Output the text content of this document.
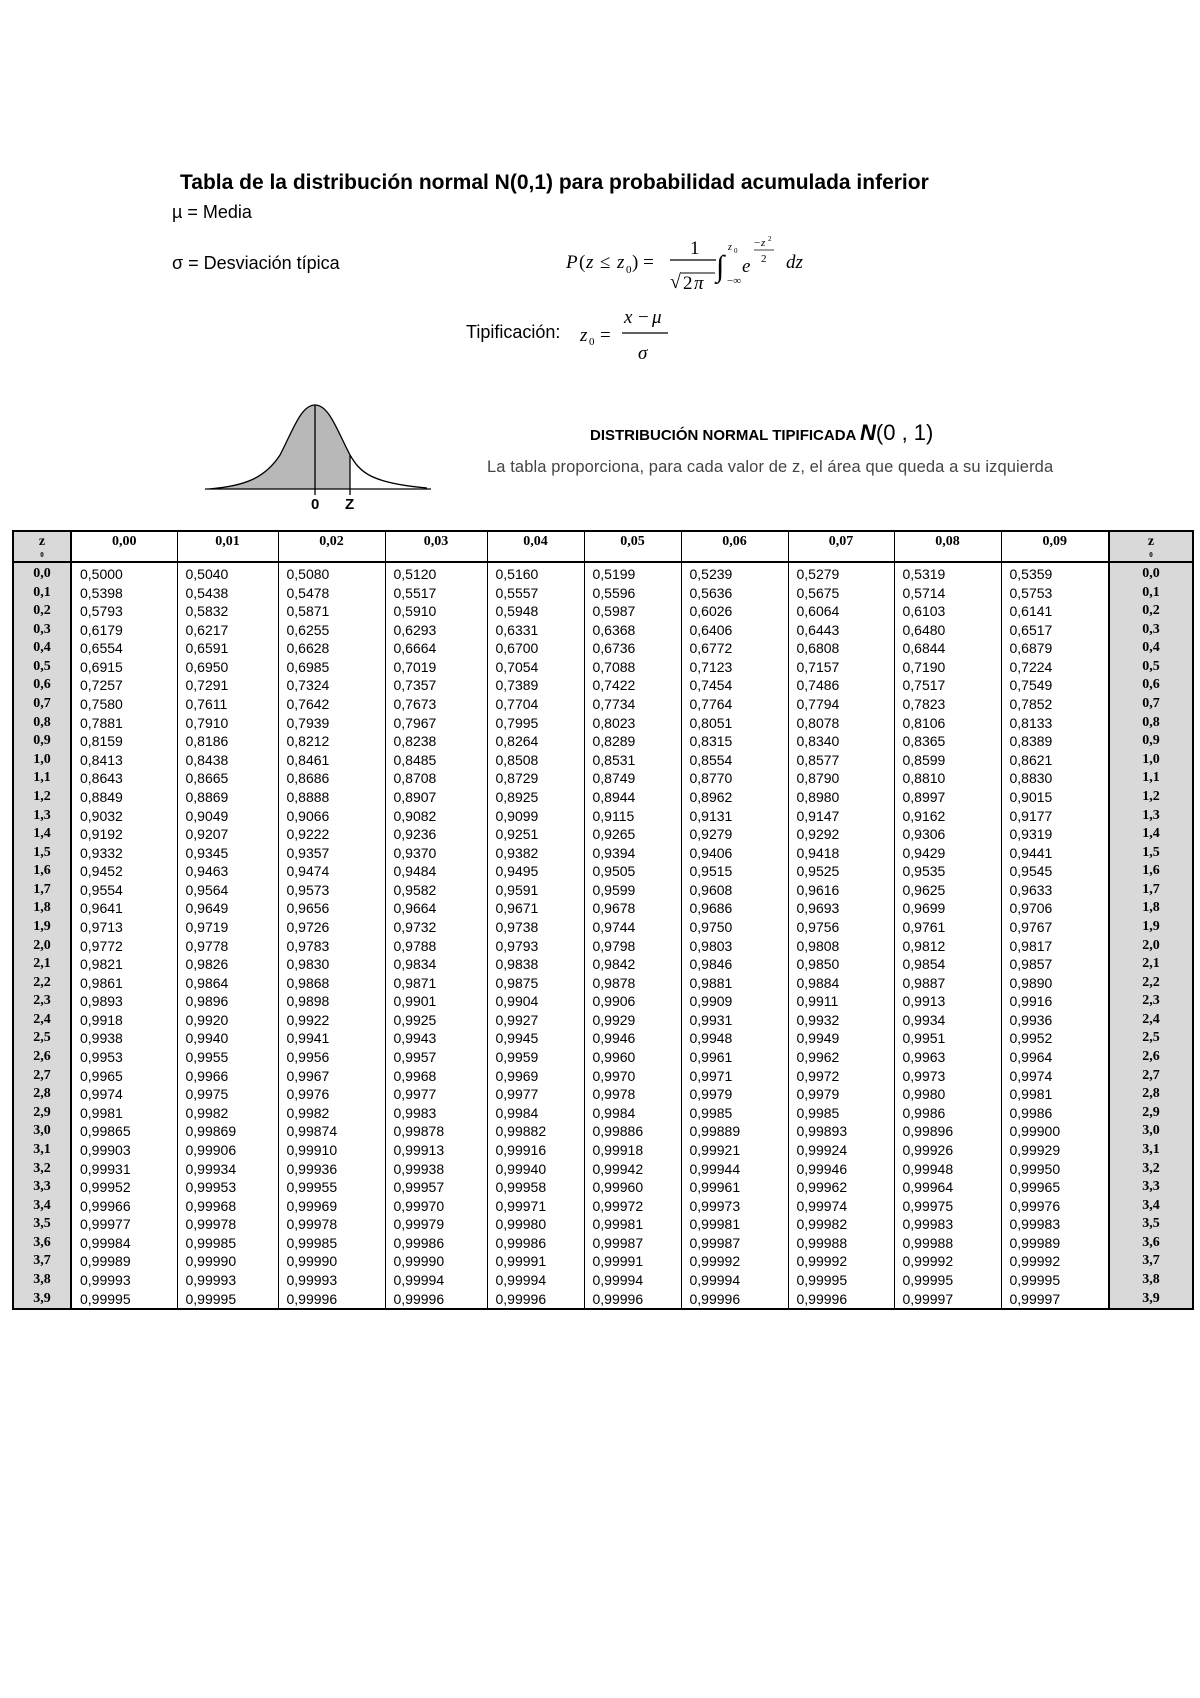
Tabla de la distribución normal N(0,1) para probabilidad acumulada inferior
µ = Media
σ = Desviación típica	P ( z ≤ z 0 ) =
1
√ 2 π
∫
z 0
−∞
e
− z 2
2 dz
Tipificación: z 0 =
x − μ
σ
0 Z
DISTRIBUCIÓN NORMAL TIPIFICADA N(0 , 1)
La tabla proporciona, para cada valor de z, el área que queda a su izquierda
z
0	0,00	0,01	0,02	0,03	0,04	0,05	0,06	0,07	0,08	0,09	z
0

0,0	0,5000	0,5040	0,5080	0,5120	0,5160	0,5199	0,5239	0,5279	0,5319	0,5359	0,0
0,1	0,5398	0,5438	0,5478	0,5517	0,5557	0,5596	0,5636	0,5675	0,5714	0,5753	0,1
0,2	0,5793	0,5832	0,5871	0,5910	0,5948	0,5987	0,6026	0,6064	0,6103	0,6141	0,2
0,3	0,6179	0,6217	0,6255	0,6293	0,6331	0,6368	0,6406	0,6443	0,6480	0,6517	0,3
0,4	0,6554	0,6591	0,6628	0,6664	0,6700	0,6736	0,6772	0,6808	0,6844	0,6879	0,4
0,5	0,6915	0,6950	0,6985	0,7019	0,7054	0,7088	0,7123	0,7157	0,7190	0,7224	0,5
0,6	0,7257	0,7291	0,7324	0,7357	0,7389	0,7422	0,7454	0,7486	0,7517	0,7549	0,6
0,7	0,7580	0,7611	0,7642	0,7673	0,7704	0,7734	0,7764	0,7794	0,7823	0,7852	0,7
0,8	0,7881	0,7910	0,7939	0,7967	0,7995	0,8023	0,8051	0,8078	0,8106	0,8133	0,8
0,9	0,8159	0,8186	0,8212	0,8238	0,8264	0,8289	0,8315	0,8340	0,8365	0,8389	0,9
1,0	0,8413	0,8438	0,8461	0,8485	0,8508	0,8531	0,8554	0,8577	0,8599	0,8621	1,0
1,1	0,8643	0,8665	0,8686	0,8708	0,8729	0,8749	0,8770	0,8790	0,8810	0,8830	1,1
1,2	0,8849	0,8869	0,8888	0,8907	0,8925	0,8944	0,8962	0,8980	0,8997	0,9015	1,2
1,3	0,9032	0,9049	0,9066	0,9082	0,9099	0,9115	0,9131	0,9147	0,9162	0,9177	1,3
1,4	0,9192	0,9207	0,9222	0,9236	0,9251	0,9265	0,9279	0,9292	0,9306	0,9319	1,4
1,5	0,9332	0,9345	0,9357	0,9370	0,9382	0,9394	0,9406	0,9418	0,9429	0,9441	1,5
1,6	0,9452	0,9463	0,9474	0,9484	0,9495	0,9505	0,9515	0,9525	0,9535	0,9545	1,6
1,7	0,9554	0,9564	0,9573	0,9582	0,9591	0,9599	0,9608	0,9616	0,9625	0,9633	1,7
1,8	0,9641	0,9649	0,9656	0,9664	0,9671	0,9678	0,9686	0,9693	0,9699	0,9706	1,8
1,9	0,9713	0,9719	0,9726	0,9732	0,9738	0,9744	0,9750	0,9756	0,9761	0,9767	1,9
2,0	0,9772	0,9778	0,9783	0,9788	0,9793	0,9798	0,9803	0,9808	0,9812	0,9817	2,0
2,1	0,9821	0,9826	0,9830	0,9834	0,9838	0,9842	0,9846	0,9850	0,9854	0,9857	2,1
2,2	0,9861	0,9864	0,9868	0,9871	0,9875	0,9878	0,9881	0,9884	0,9887	0,9890	2,2
2,3	0,9893	0,9896	0,9898	0,9901	0,9904	0,9906	0,9909	0,9911	0,9913	0,9916	2,3
2,4	0,9918	0,9920	0,9922	0,9925	0,9927	0,9929	0,9931	0,9932	0,9934	0,9936	2,4
2,5	0,9938	0,9940	0,9941	0,9943	0,9945	0,9946	0,9948	0,9949	0,9951	0,9952	2,5
2,6	0,9953	0,9955	0,9956	0,9957	0,9959	0,9960	0,9961	0,9962	0,9963	0,9964	2,6
2,7	0,9965	0,9966	0,9967	0,9968	0,9969	0,9970	0,9971	0,9972	0,9973	0,9974	2,7
2,8	0,9974	0,9975	0,9976	0,9977	0,9977	0,9978	0,9979	0,9979	0,9980	0,9981	2,8
2,9	0,9981	0,9982	0,9982	0,9983	0,9984	0,9984	0,9985	0,9985	0,9986	0,9986	2,9
3,0	0,99865	0,99869	0,99874	0,99878	0,99882	0,99886	0,99889	0,99893	0,99896	0,99900	3,0
3,1	0,99903	0,99906	0,99910	0,99913	0,99916	0,99918	0,99921	0,99924	0,99926	0,99929	3,1
3,2	0,99931	0,99934	0,99936	0,99938	0,99940	0,99942	0,99944	0,99946	0,99948	0,99950	3,2
3,3	0,99952	0,99953	0,99955	0,99957	0,99958	0,99960	0,99961	0,99962	0,99964	0,99965	3,3
3,4	0,99966	0,99968	0,99969	0,99970	0,99971	0,99972	0,99973	0,99974	0,99975	0,99976	3,4
3,5	0,99977	0,99978	0,99978	0,99979	0,99980	0,99981	0,99981	0,99982	0,99983	0,99983	3,5
3,6	0,99984	0,99985	0,99985	0,99986	0,99986	0,99987	0,99987	0,99988	0,99988	0,99989	3,6
3,7	0,99989	0,99990	0,99990	0,99990	0,99991	0,99991	0,99992	0,99992	0,99992	0,99992	3,7
3,8	0,99993	0,99993	0,99993	0,99994	0,99994	0,99994	0,99994	0,99995	0,99995	0,99995	3,8
3,9	0,99995	0,99995	0,99996	0,99996	0,99996	0,99996	0,99996	0,99996	0,99997	0,99997	3,9
